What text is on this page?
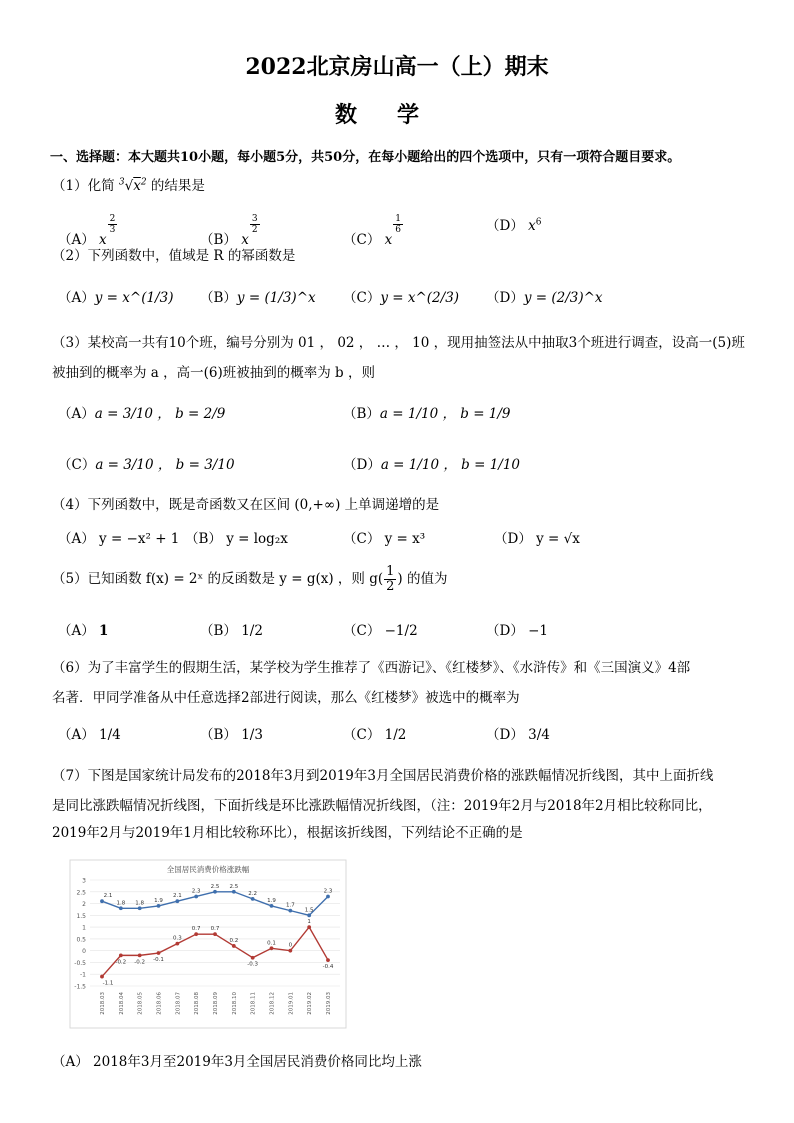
2022北京房山高一（上）期末
数学
一、选择题：本大题共10小题，每小题5分，共50分，在每小题给出的四个选项中，只有一项符合题目要求。
（1）化简 $^3√x^2$ 的结果是
（A） x
$\frac{2}{3}$
（B） x
$\frac{3}{2}$
（C） x
$\frac{1}{6}$	（D） $x^6$
（2）下列函数中，值域是 R 的幂函数是
（A）y = x^(1/3) （B）y = (1/3)^x （C）y = x^(2/3) （D）y = (2/3)^x
（3）某校高一共有10个班，编号分别为 01 ， 02 ， … ， 10 ，现用抽签法从中抽取3个班进行调查，设高一(5)班
被抽到的概率为 a ，高一(6)班被抽到的概率为 b ，则
（A）a = 3/10 ， b = 2/9	（B）a = 1/10 ， b = 1/9
（C）a = 3/10 ， b = 3/10	（D）a = 1/10 ， b = 1/10
（4）下列函数中，既是奇函数又在区间 (0,+∞) 上单调递增的是
（A） y = −x² + 1 （B） y = log₂x	（C） y = x³	（D） y = √x
（5）已知函数 f(x) = 2ˣ 的反函数是 y = g(x) ，则 $g( \frac{1}{2}$ ) 的值为
（A） 1	（B） 1/2	（C） −1/2	（D） −1
（6）为了丰富学生的假期生活，某学校为学生推荐了《西游记》、《红楼梦》、《水浒传》和《三国演义》4部
名著．甲同学准备从中任意选择2部进行阅读，那么《红楼梦》被选中的概率为
（A） 1/4	（B） 1/3	（C） 1/2	（D） 3/4
（7）下图是国家统计局发布的2018年3月到2019年3月全国居民消费价格的涨跌幅情况折线图，其中上面折线
是同比涨跌幅情况折线图，下面折线是环比涨跌幅情况折线图，（注：2019年2月与2018年2月相比较称同比，
2019年2月与2019年1月相比较称环比），根据该折线图，下列结论不正确的是
全国居民消费价格涨跌幅
3
2.5
2
1.5
1
0.5
0
-0.5
-1
-1.5
2018.03 2018.04 2018.05 2018.06 2018.07 2018.08 2018.09 2018.10 2018.11 2018.12 2019.01 2019.02 2019.03
2.1
1.8 1.8 1.9
2.1
2.3
2.5 2.5
2.2
1.9
1.7
1.5
2.3
-1.1
-0.2 -0.2 -0.1
0.3
0.7 0.7
0.2
-0.3
0.1 0
1
-0.4
（A） 2018年3月至2019年3月全国居民消费价格同比均上涨
